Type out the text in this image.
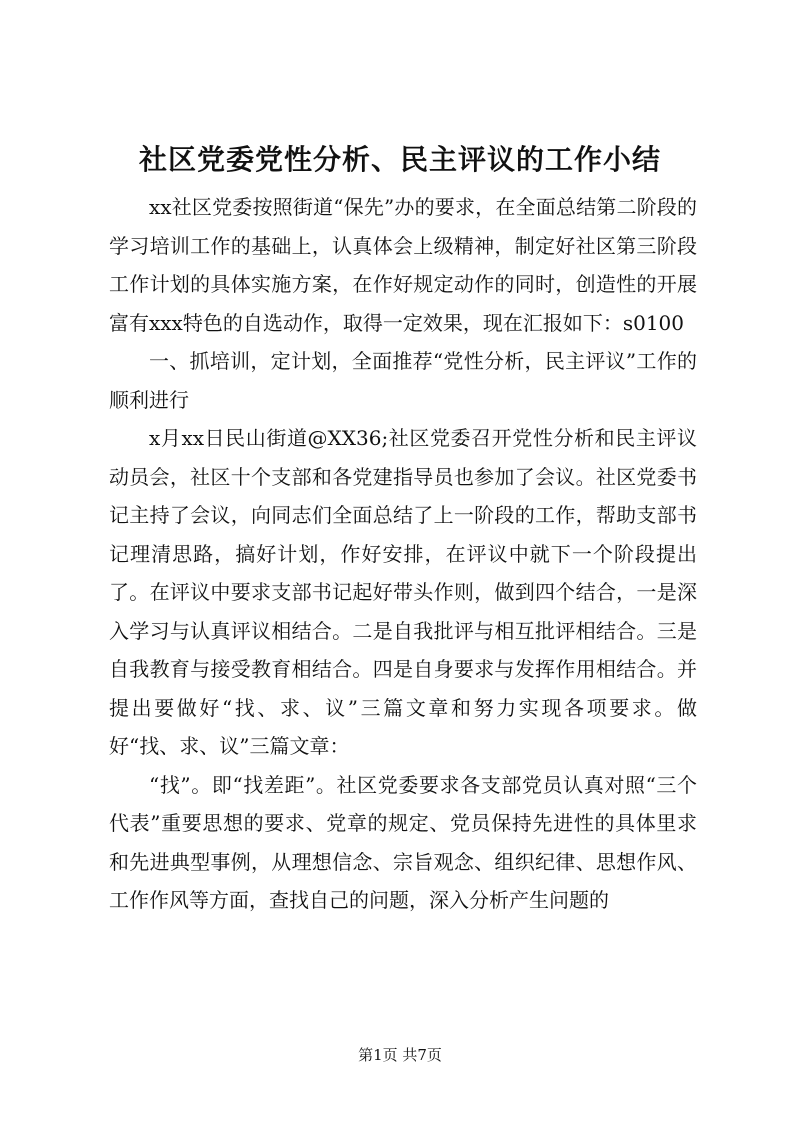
社区党委党性分析、民主评议的工作小结

xx社区党委按照街道“保先”办的要求，在全面总结第二阶段的学习培训工作的基础上，认真体会上级精神，制定好社区第三阶段工作计划的具体实施方案，在作好规定动作的同时，创造性的开展富有xxx特色的自选动作，取得一定效果，现在汇报如下：s0100

一、抓培训，定计划，全面推荐“党性分析，民主评议”工作的顺利进行

x月xx日民山街道@XX36;社区党委召开党性分析和民主评议动员会，社区十个支部和各党建指导员也参加了会议。社区党委书记主持了会议，向同志们全面总结了上一阶段的工作，帮助支部书记理清思路，搞好计划，作好安排，在评议中就下一个阶段提出了。在评议中要求支部书记起好带头作则，做到四个结合，一是深入学习与认真评议相结合。二是自我批评与相互批评相结合。三是自我教育与接受教育相结合。四是自身要求与发挥作用相结合。并提出要做好“找、求、议”三篇文章和努力实现各项要求。做好“找、求、议”三篇文章：

“找”。即“找差距”。社区党委要求各支部党员认真对照“三个代表”重要思想的要求、党章的规定、党员保持先进性的具体里求和先进典型事例，从理想信念、宗旨观念、组织纪律、思想作风、工作作风等方面，查找自己的问题，深入分析产生问题的

第1页 共7页
